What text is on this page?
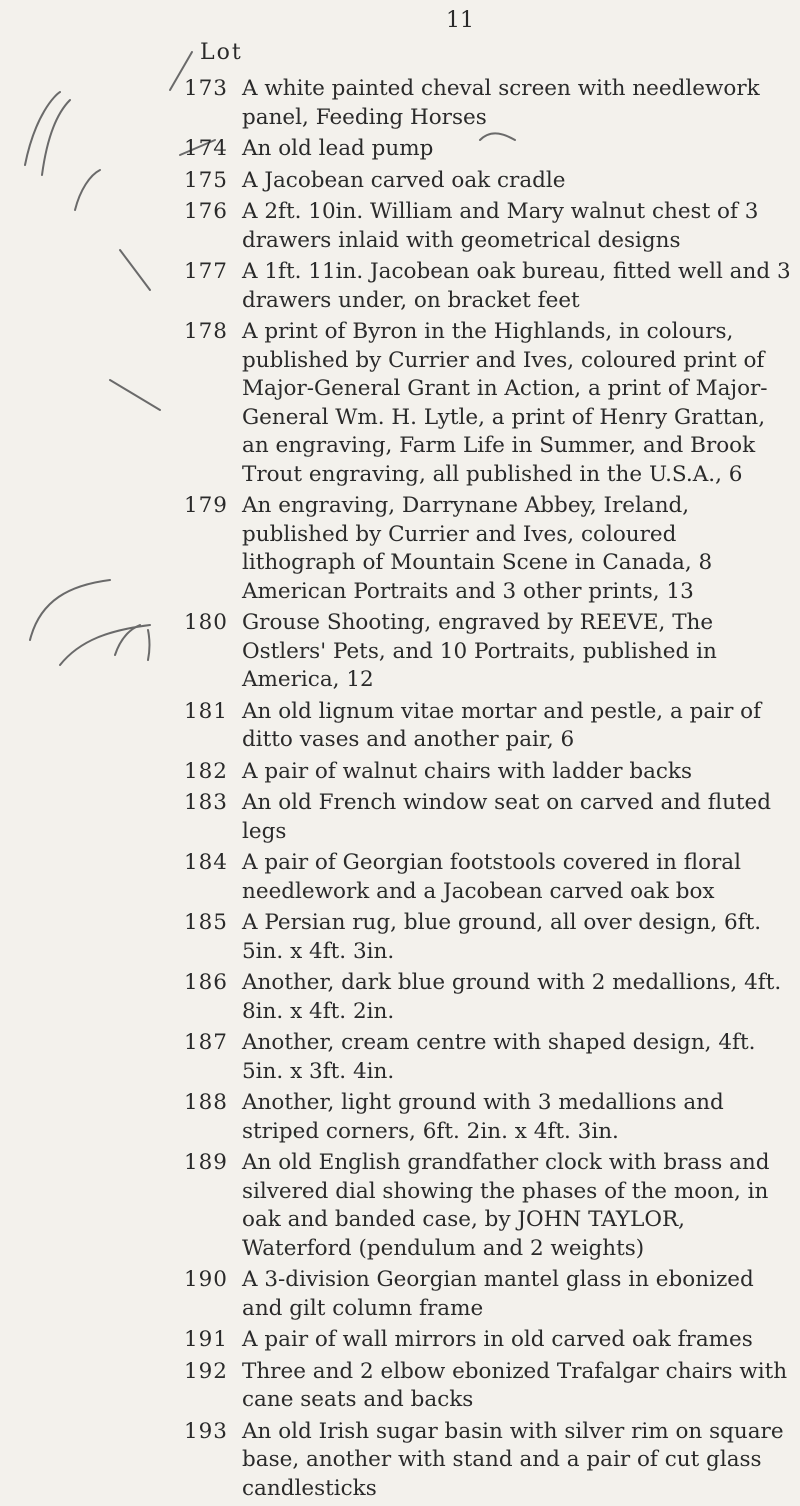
11
Lot
173 A white painted cheval screen with needlework panel, Feeding Horses
174 An old lead pump
175 A Jacobean carved oak cradle
176 A 2ft. 10in. William and Mary walnut chest of 3 drawers inlaid with geometrical designs
177 A 1ft. 11in. Jacobean oak bureau, fitted well and 3 drawers under, on bracket feet
178 A print of Byron in the Highlands, in colours, published by Currier and Ives, coloured print of Major-General Grant in Action, a print of Major-General Wm. H. Lytle, a print of Henry Grattan, an engraving, Farm Life in Summer, and Brook Trout engraving, all published in the U.S.A., 6
179 An engraving, Darrynane Abbey, Ireland, published by Currier and Ives, coloured lithograph of Mountain Scene in Canada, 8 American Portraits and 3 other prints, 13
180 Grouse Shooting, engraved by REEVE, The Ostlers' Pets, and 10 Portraits, published in America, 12
181 An old lignum vitae mortar and pestle, a pair of ditto vases and another pair, 6
182 A pair of walnut chairs with ladder backs
183 An old French window seat on carved and fluted legs
184 A pair of Georgian footstools covered in floral needlework and a Jacobean carved oak box
185 A Persian rug, blue ground, all over design, 6ft. 5in. x 4ft. 3in.
186 Another, dark blue ground with 2 medallions, 4ft. 8in. x 4ft. 2in.
187 Another, cream centre with shaped design, 4ft. 5in. x 3ft. 4in.
188 Another, light ground with 3 medallions and striped corners, 6ft. 2in. x 4ft. 3in.
189 An old English grandfather clock with brass and silvered dial showing the phases of the moon, in oak and banded case, by JOHN TAYLOR, Waterford (pendulum and 2 weights)
190 A 3-division Georgian mantel glass in ebonized and gilt column frame
191 A pair of wall mirrors in old carved oak frames
192 Three and 2 elbow ebonized Trafalgar chairs with cane seats and backs
193 An old Irish sugar basin with silver rim on square base, another with stand and a pair of cut glass candlesticks
